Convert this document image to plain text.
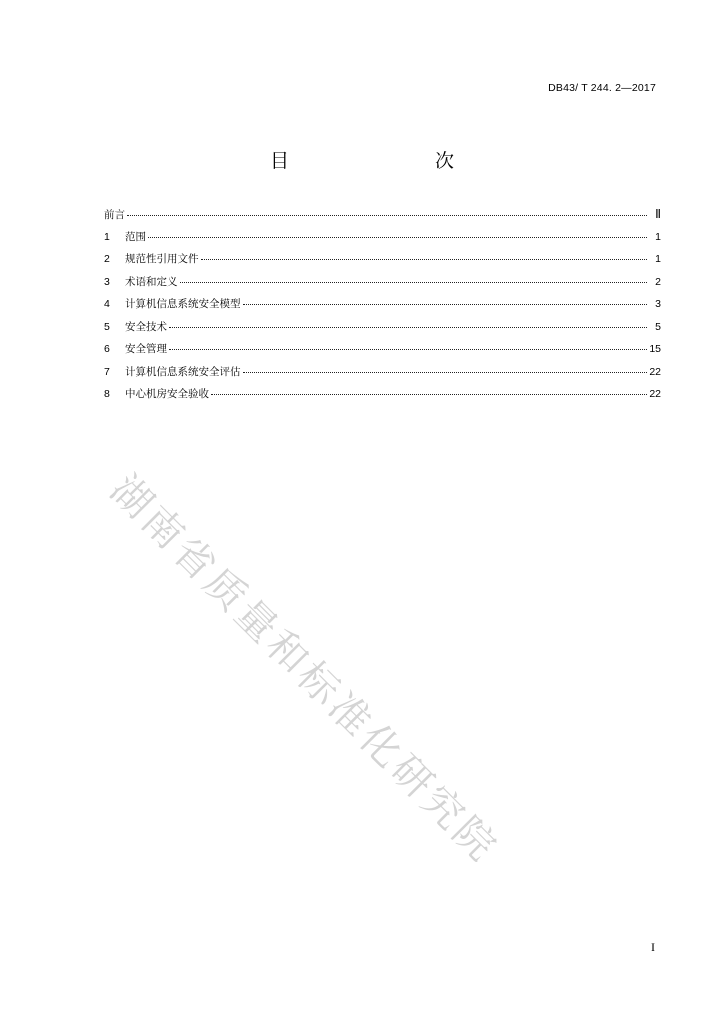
DB43/ T 244. 2—2017
目　　次
前言	Ⅱ
1	范围	1
2	规范性引用文件	1
3	术语和定义	2
4	计算机信息系统安全模型	3
5	安全技术	5
6	安全管理	15
7	计算机信息系统安全评估	22
8	中心机房安全验收	22
湖南省质量和标准化研究院
I
